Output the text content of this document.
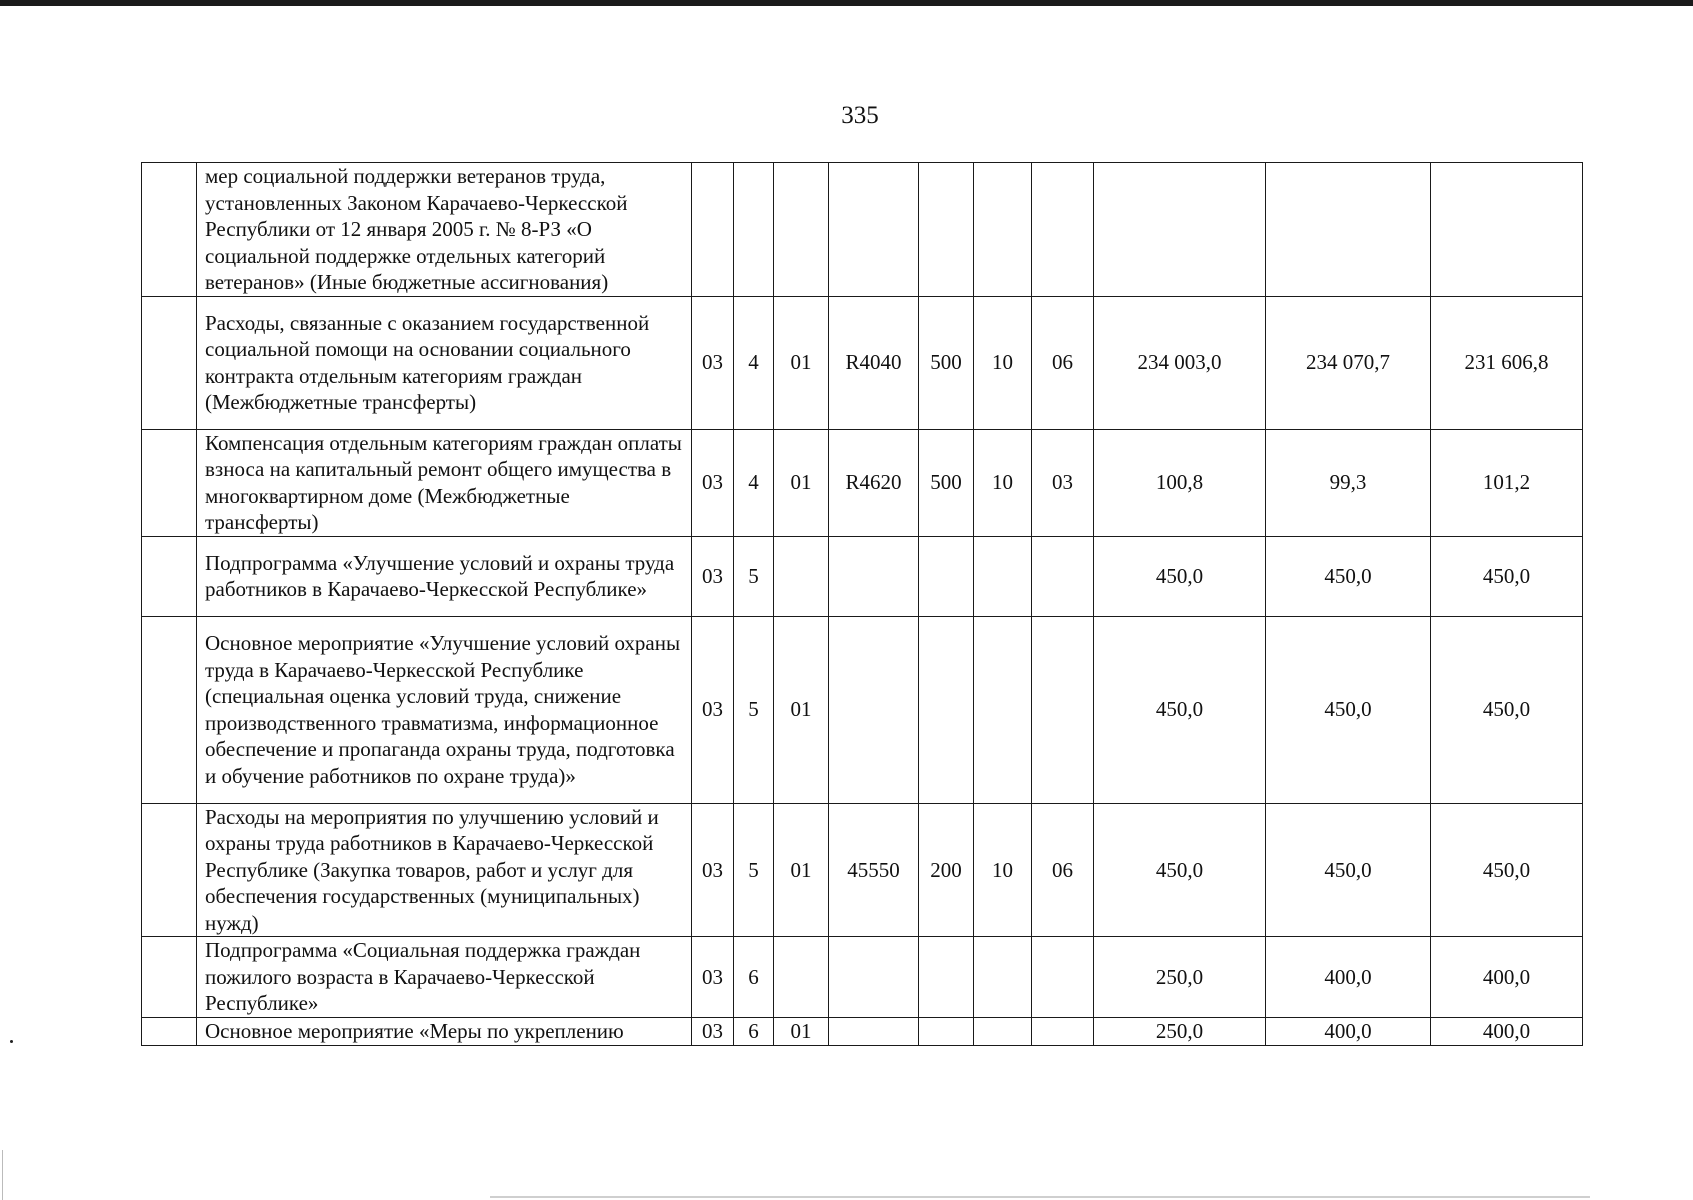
335
	мер социальной поддержки ветеранов труда, установленных Законом Карачаево-Черкесской Республики от 12 января 2005 г. № 8-РЗ «О социальной поддержке отдельных категорий ветеранов» (Иные бюджетные ассигнования)										
	Расходы, связанные с оказанием государственной социальной помощи на основании социального контракта отдельным категориям граждан (Межбюджетные трансферты)	03	4	01	R4040	500	10	06	234 003,0	234 070,7	231 606,8
	Компенсация отдельным категориям граждан оплаты взноса на капитальный ремонт общего имущества в многоквартирном доме (Межбюджетные трансферты)	03	4	01	R4620	500	10	03	100,8	99,3	101,2
	Подпрограмма «Улучшение условий и охраны труда работников в Карачаево-Черкесской Республике»	03	5						450,0	450,0	450,0
	Основное мероприятие «Улучшение условий охраны труда в Карачаево-Черкесской Республике (специальная оценка условий труда, снижение производственного травматизма, информационное обеспечение и пропаганда охраны труда, подготовка и обучение работников по охране труда)»	03	5	01					450,0	450,0	450,0
	Расходы на мероприятия по улучшению условий и охраны труда работников в Карачаево-Черкесской Республике (Закупка товаров, работ и услуг для обеспечения государственных (муниципальных) нужд)	03	5	01	45550	200	10	06	450,0	450,0	450,0
	Подпрограмма «Социальная поддержка граждан пожилого возраста в Карачаево-Черкесской Республике»	03	6						250,0	400,0	400,0
	Основное мероприятие «Меры по укреплению	03	6	01					250,0	400,0	400,0
